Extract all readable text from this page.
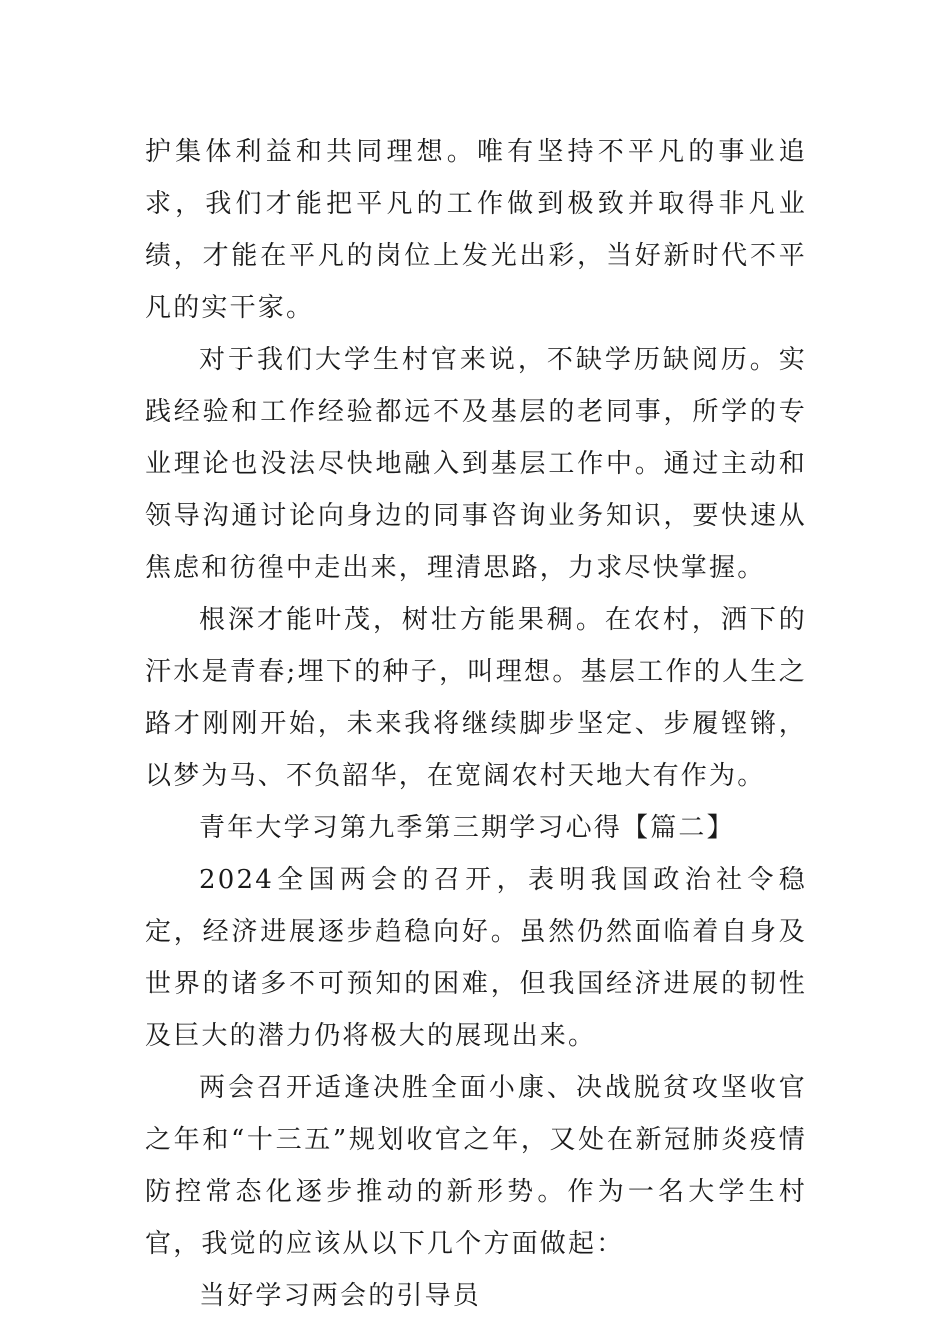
护集体利益和共同理想。唯有坚持不平凡的事业追求，我们才能把平凡的工作做到极致并取得非凡业绩，才能在平凡的岗位上发光出彩，当好新时代不平凡的实干家。

对于我们大学生村官来说，不缺学历缺阅历。实践经验和工作经验都远不及基层的老同事，所学的专业理论也没法尽快地融入到基层工作中。通过主动和领导沟通讨论向身边的同事咨询业务知识，要快速从焦虑和彷徨中走出来，理清思路，力求尽快掌握。

根深才能叶茂，树壮方能果稠。在农村，洒下的汗水是青春;埋下的种子，叫理想。基层工作的人生之路才刚刚开始，未来我将继续脚步坚定、步履铿锵，以梦为马、不负韶华，在宽阔农村天地大有作为。

青年大学习第九季第三期学习心得【篇二】

2024全国两会的召开，表明我国政治社令稳定，经济进展逐步趋稳向好。虽然仍然面临着自身及世界的诸多不可预知的困难，但我国经济进展的韧性及巨大的潜力仍将极大的展现出来。

两会召开适逢决胜全面小康、决战脱贫攻坚收官之年和“十三五”规划收官之年，又处在新冠肺炎疫情防控常态化逐步推动的新形势。作为一名大学生村官，我觉的应该从以下几个方面做起：

当好学习两会的引导员
